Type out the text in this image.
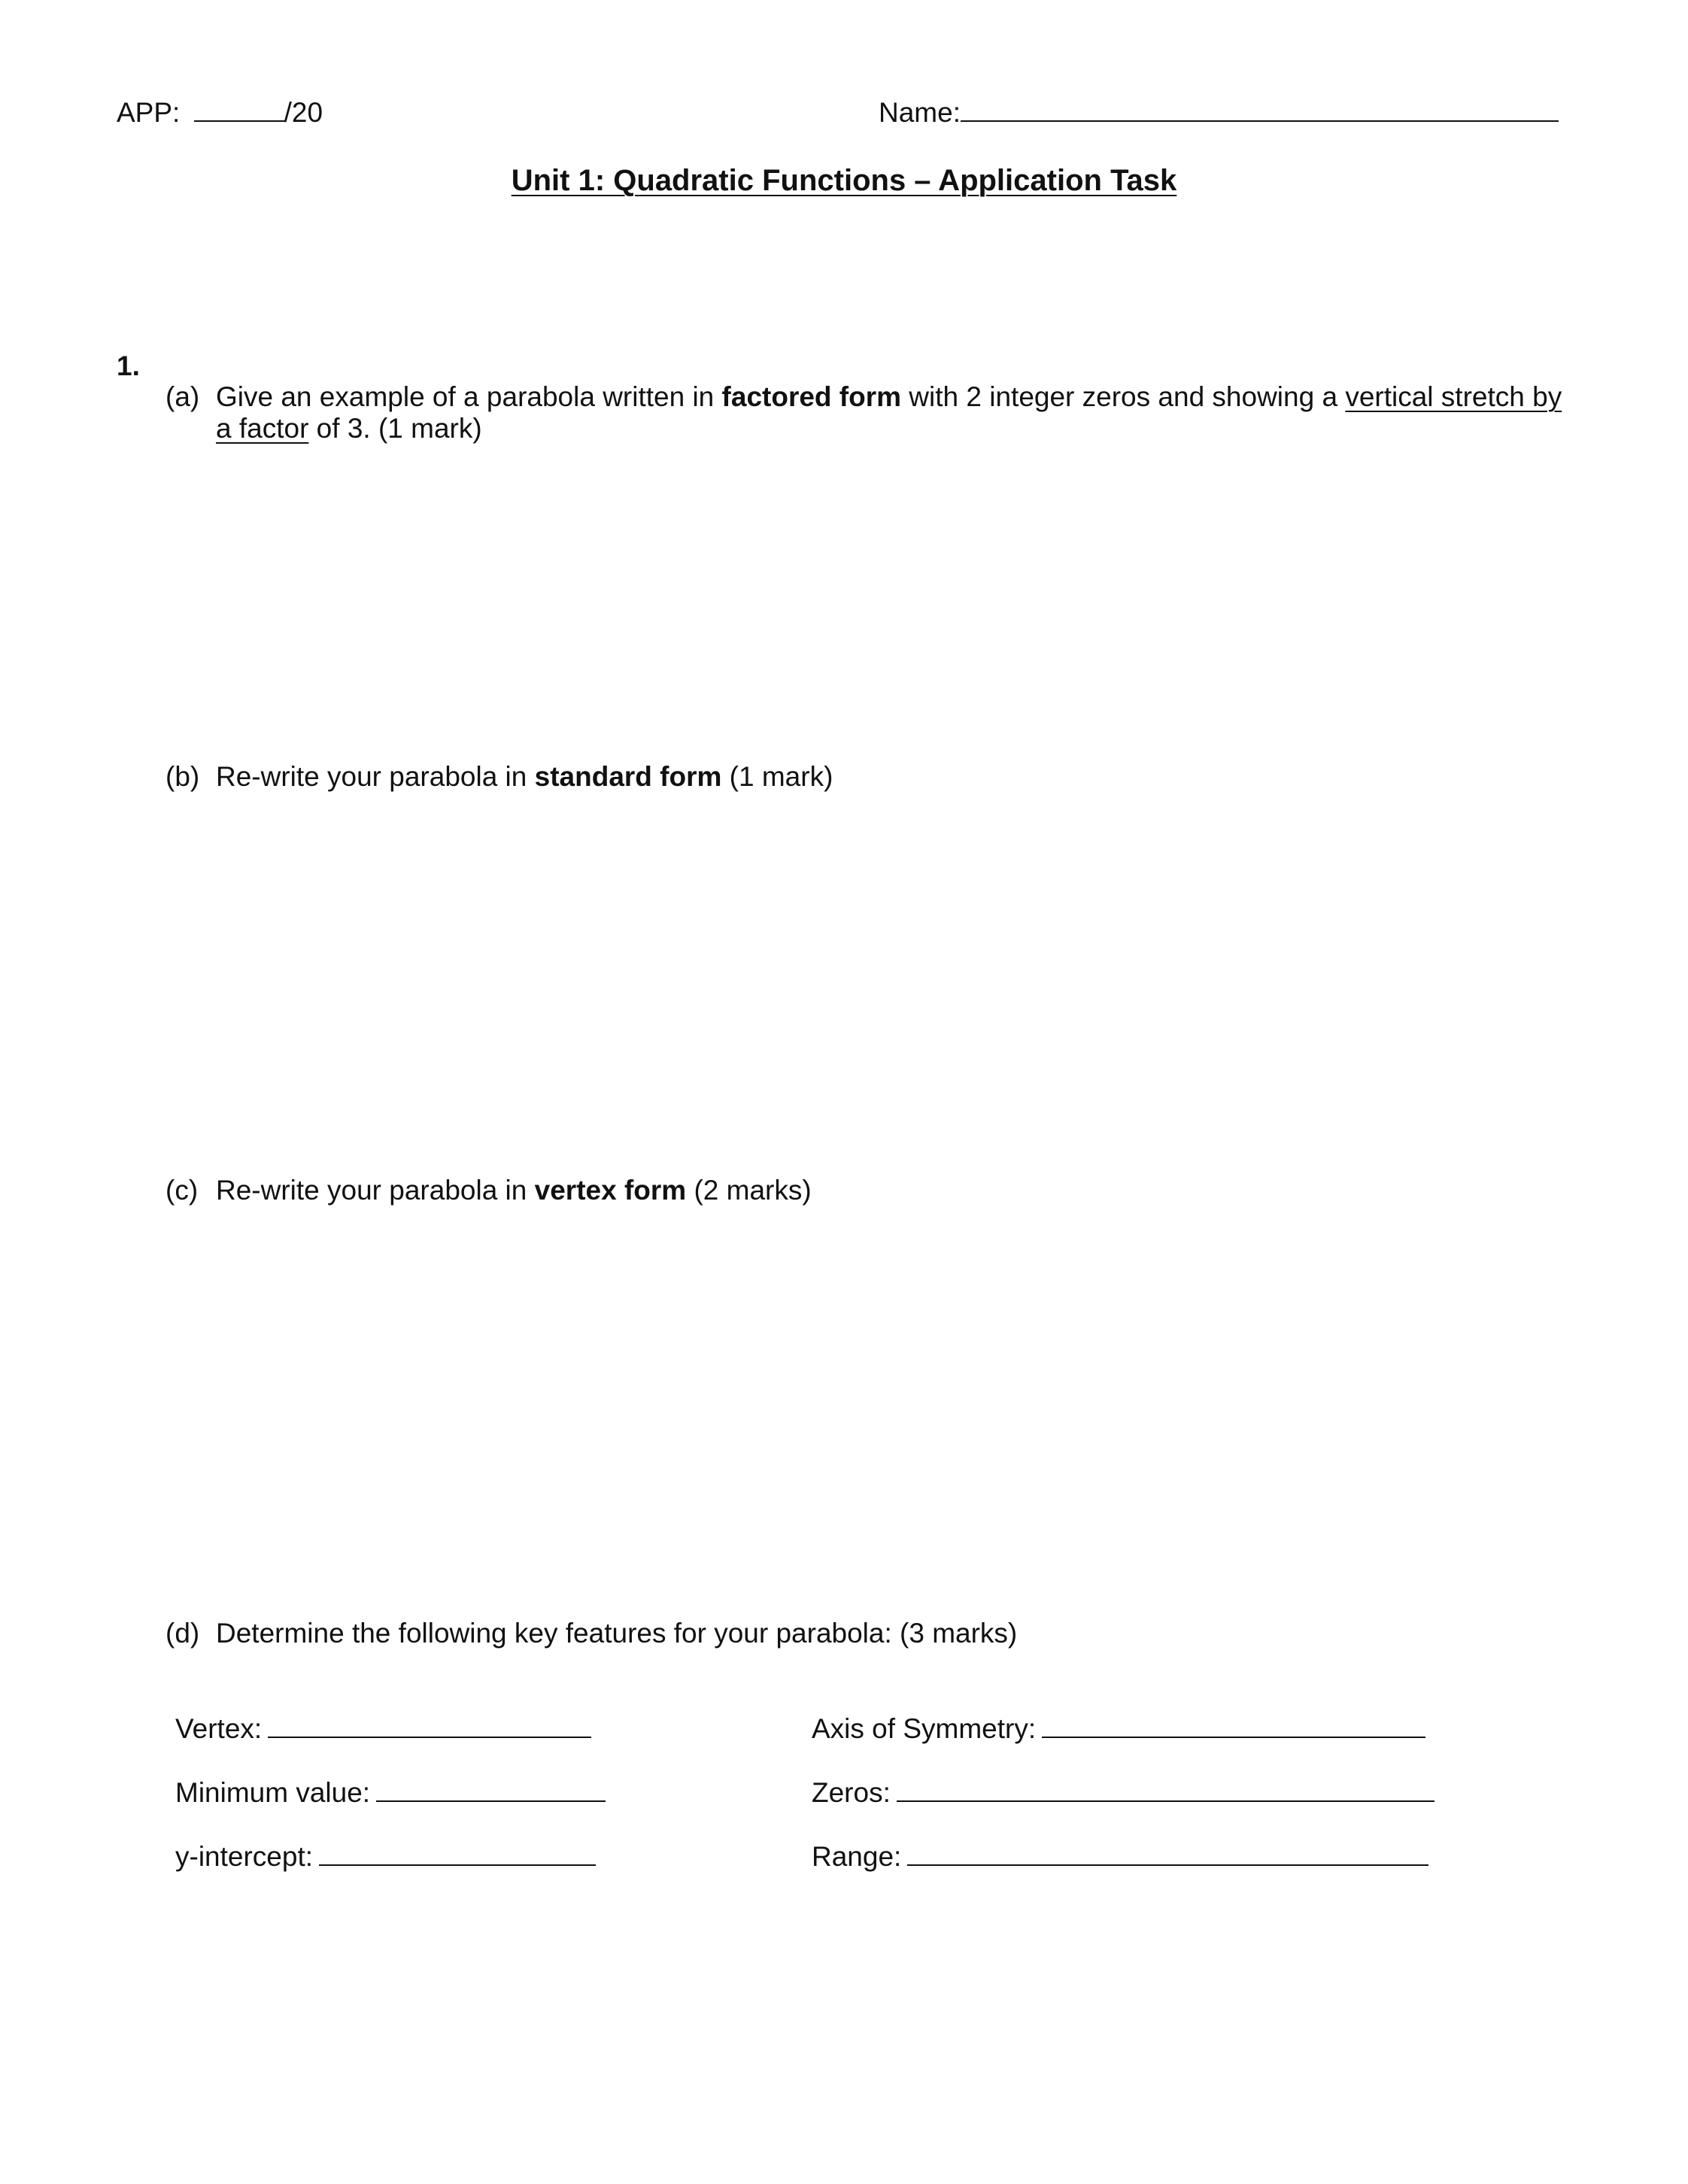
APP:	/20	Name:
Unit 1: Quadratic Functions – Application Task
1.
(a) Give an example of a parabola written in factored form with 2 integer zeros and showing a vertical stretch by
a factor of 3. (1 mark)
(b) Re-write your parabola in standard form (1 mark)
(c) Re-write your parabola in vertex form (2 marks)
(d) Determine the following key features for your parabola: (3 marks)
Vertex:	Axis of Symmetry:
Minimum value:	Zeros:
y-intercept:	Range:
